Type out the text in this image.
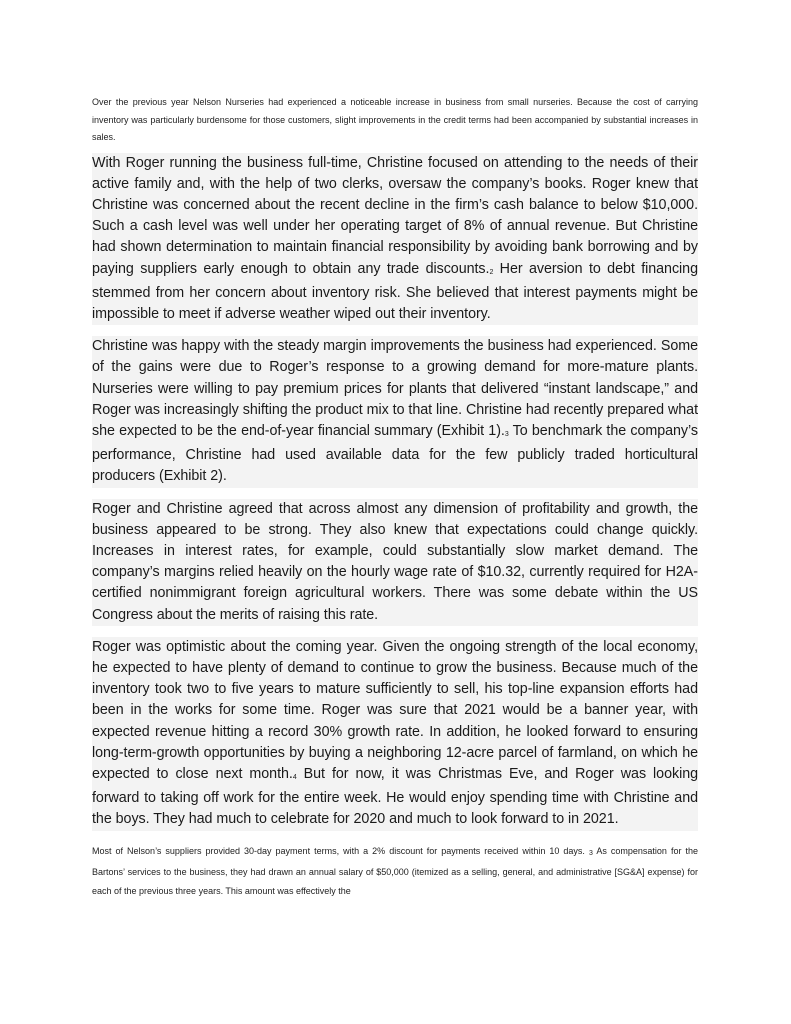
Over the previous year Nelson Nurseries had experienced a noticeable increase in business from small nurseries. Because the cost of carrying inventory was particularly burdensome for those customers, slight improvements in the credit terms had been accompanied by substantial increases in sales.

With Roger running the business full-time, Christine focused on attending to the needs of their active family and, with the help of two clerks, oversaw the company’s books. Roger knew that Christine was concerned about the recent decline in the firm’s cash balance to below $10,000. Such a cash level was well under her operating target of 8% of annual revenue. But Christine had shown determination to maintain financial responsibility by avoiding bank borrowing and by paying suppliers early enough to obtain any trade $discounts._2$ Her aversion to debt financing stemmed from her concern about inventory risk. She believed that interest payments might be impossible to meet if adverse weather wiped out their inventory.

Christine was happy with the steady margin improvements the business had experienced. Some of the gains were due to Roger’s response to a growing demand for more-mature plants. Nurseries were willing to pay premium prices for plants that delivered “instant landscape,” and Roger was increasingly shifting the product mix to that line. Christine had recently prepared what she expected to be the end-of-year financial summary (Exhibit $1)._3$ To benchmark the company’s performance, Christine had used available data for the few publicly traded horticultural producers (Exhibit 2).

Roger and Christine agreed that across almost any dimension of profitability and growth, the business appeared to be strong. They also knew that expectations could change quickly. Increases in interest rates, for example, could substantially slow market demand. The company’s margins relied heavily on the hourly wage rate of $10.32, currently required for H2A-certified nonimmigrant foreign agricultural workers. There was some debate within the US Congress about the merits of raising this rate.

Roger was optimistic about the coming year. Given the ongoing strength of the local economy, he expected to have plenty of demand to continue to grow the business. Because much of the inventory took two to five years to mature sufficiently to sell, his top-line expansion efforts had been in the works for some time. Roger was sure that 2021 would be a banner year, with expected revenue hitting a record 30% growth rate. In addition, he looked forward to ensuring long-term-growth opportunities by buying a neighboring 12-acre parcel of farmland, on which he expected to close next $month._4$ But for now, it was Christmas Eve, and Roger was looking forward to taking off work for the entire week. He would enjoy spending time with Christine and the boys. They had much to celebrate for 2020 and much to look forward to in 2021.

Most of Nelson’s suppliers provided 30-day payment terms, with a 2% discount for payments received within 10 days. $_3$ As compensation for the Bartons’ services to the business, they had drawn an annual salary of $50,000 (itemized as a selling, general, and administrative [SG&A] expense) for each of the previous three years. This amount was effectively the
